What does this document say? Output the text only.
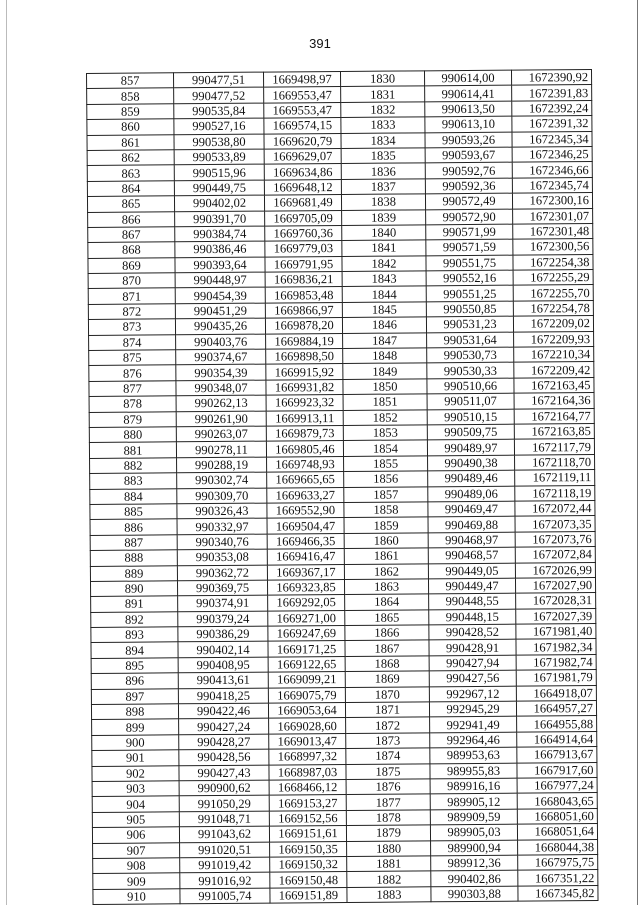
391
857	990477,51	1669498,97	1830	990614,00	1672390,92
858	990477,52	1669553,47	1831	990614,41	1672391,83
859	990535,84	1669553,47	1832	990613,50	1672392,24
860	990527,16	1669574,15	1833	990613,10	1672391,32
861	990538,80	1669620,79	1834	990593,26	1672345,34
862	990533,89	1669629,07	1835	990593,67	1672346,25
863	990515,96	1669634,86	1836	990592,76	1672346,66
864	990449,75	1669648,12	1837	990592,36	1672345,74
865	990402,02	1669681,49	1838	990572,49	1672300,16
866	990391,70	1669705,09	1839	990572,90	1672301,07
867	990384,74	1669760,36	1840	990571,99	1672301,48
868	990386,46	1669779,03	1841	990571,59	1672300,56
869	990393,64	1669791,95	1842	990551,75	1672254,38
870	990448,97	1669836,21	1843	990552,16	1672255,29
871	990454,39	1669853,48	1844	990551,25	1672255,70
872	990451,29	1669866,97	1845	990550,85	1672254,78
873	990435,26	1669878,20	1846	990531,23	1672209,02
874	990403,76	1669884,19	1847	990531,64	1672209,93
875	990374,67	1669898,50	1848	990530,73	1672210,34
876	990354,39	1669915,92	1849	990530,33	1672209,42
877	990348,07	1669931,82	1850	990510,66	1672163,45
878	990262,13	1669923,32	1851	990511,07	1672164,36
879	990261,90	1669913,11	1852	990510,15	1672164,77
880	990263,07	1669879,73	1853	990509,75	1672163,85
881	990278,11	1669805,46	1854	990489,97	1672117,79
882	990288,19	1669748,93	1855	990490,38	1672118,70
883	990302,74	1669665,65	1856	990489,46	1672119,11
884	990309,70	1669633,27	1857	990489,06	1672118,19
885	990326,43	1669552,90	1858	990469,47	1672072,44
886	990332,97	1669504,47	1859	990469,88	1672073,35
887	990340,76	1669466,35	1860	990468,97	1672073,76
888	990353,08	1669416,47	1861	990468,57	1672072,84
889	990362,72	1669367,17	1862	990449,05	1672026,99
890	990369,75	1669323,85	1863	990449,47	1672027,90
891	990374,91	1669292,05	1864	990448,55	1672028,31
892	990379,24	1669271,00	1865	990448,15	1672027,39
893	990386,29	1669247,69	1866	990428,52	1671981,40
894	990402,14	1669171,25	1867	990428,91	1671982,34
895	990408,95	1669122,65	1868	990427,94	1671982,74
896	990413,61	1669099,21	1869	990427,56	1671981,79
897	990418,25	1669075,79	1870	992967,12	1664918,07
898	990422,46	1669053,64	1871	992945,29	1664957,27
899	990427,24	1669028,60	1872	992941,49	1664955,88
900	990428,27	1669013,47	1873	992964,46	1664914,64
901	990428,56	1668997,32	1874	989953,63	1667913,67
902	990427,43	1668987,03	1875	989955,83	1667917,60
903	990900,62	1668466,12	1876	989916,16	1667977,24
904	991050,29	1669153,27	1877	989905,12	1668043,65
905	991048,71	1669152,56	1878	989909,59	1668051,60
906	991043,62	1669151,61	1879	989905,03	1668051,64
907	991020,51	1669150,35	1880	989900,94	1668044,38
908	991019,42	1669150,32	1881	989912,36	1667975,75
909	991016,92	1669150,48	1882	990402,86	1667351,22
910	991005,74	1669151,89	1883	990303,88	1667345,82
